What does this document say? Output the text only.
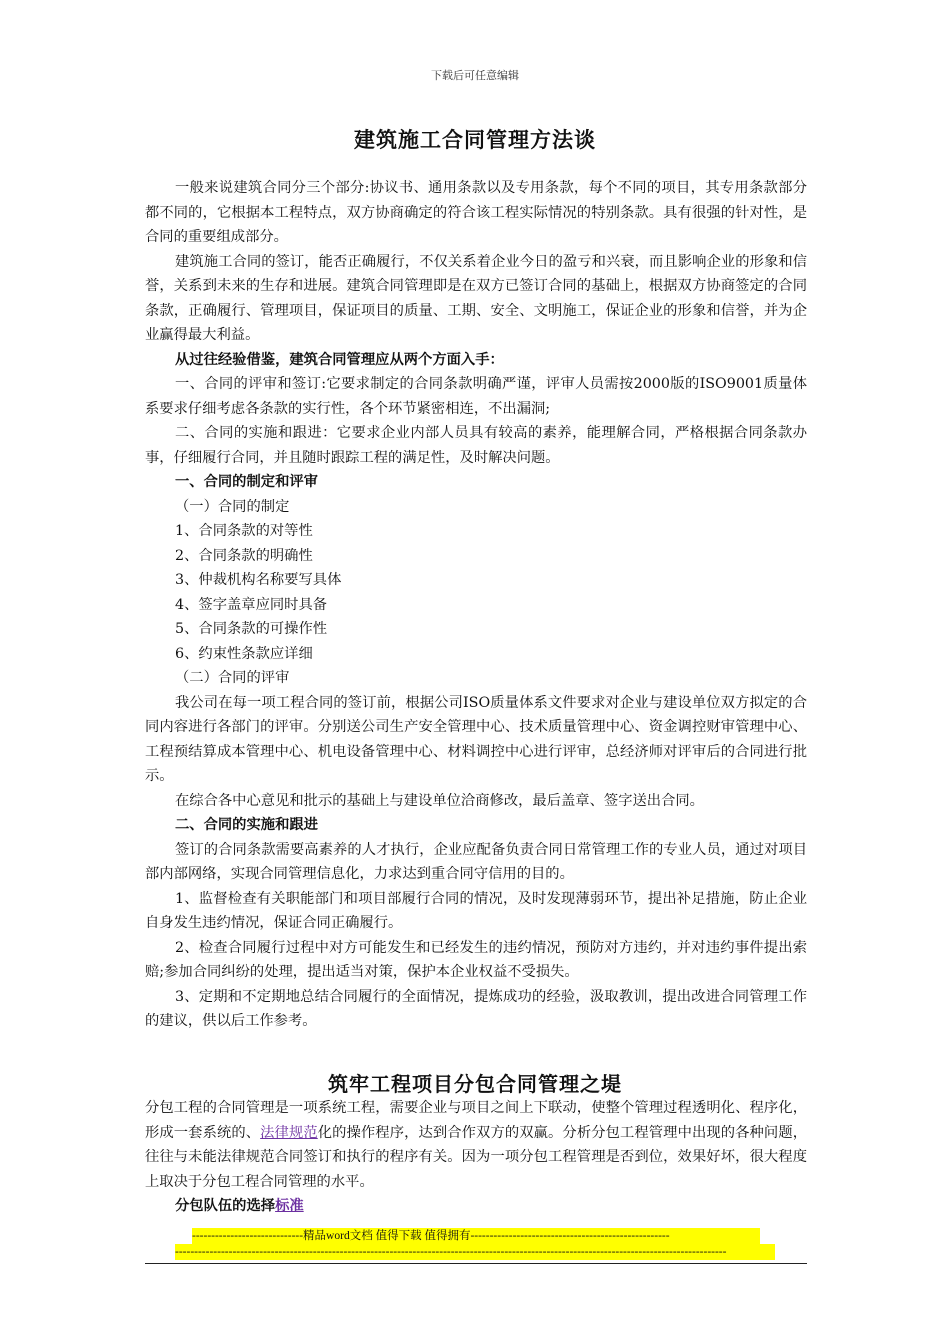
下载后可任意编辑
建筑施工合同管理方法谈

一般来说建筑合同分三个部分:协议书、通用条款以及专用条款，每个不同的项目，其专用条款部分都不同的，它根据本工程特点，双方协商确定的符合该工程实际情况的特别条款。具有很强的针对性，是合同的重要组成部分。

建筑施工合同的签订，能否正确履行，不仅关系着企业今日的盈亏和兴衰，而且影响企业的形象和信誉，关系到未来的生存和进展。建筑合同管理即是在双方已签订合同的基础上，根据双方协商签定的合同条款，正确履行、管理项目，保证项目的质量、工期、安全、文明施工，保证企业的形象和信誉，并为企业赢得最大利益。

从过往经验借鉴，建筑合同管理应从两个方面入手：

一、合同的评审和签订:它要求制定的合同条款明确严谨，评审人员需按2000版的ISO9001质量体系要求仔细考虑各条款的实行性，各个环节紧密相连，不出漏洞;

二、合同的实施和跟进：它要求企业内部人员具有较高的素养，能理解合同，严格根据合同条款办事，仔细履行合同，并且随时跟踪工程的满足性，及时解决问题。

一、合同的制定和评审

（一）合同的制定

1、合同条款的对等性

2、合同条款的明确性

3、仲裁机构名称要写具体

4、签字盖章应同时具备

5、合同条款的可操作性

6、约束性条款应详细

（二）合同的评审

我公司在每一项工程合同的签订前，根据公司ISO质量体系文件要求对企业与建设单位双方拟定的合同内容进行各部门的评审。分别送公司生产安全管理中心、技术质量管理中心、资金调控财审管理中心、工程预结算成本管理中心、机电设备管理中心、材料调控中心进行评审，总经济师对评审后的合同进行批示。

在综合各中心意见和批示的基础上与建设单位洽商修改，最后盖章、签字送出合同。

二、合同的实施和跟进

签订的合同条款需要高素养的人才执行，企业应配备负责合同日常管理工作的专业人员，通过对项目部内部网络，实现合同管理信息化，力求达到重合同守信用的目的。

1、监督检查有关职能部门和项目部履行合同的情况，及时发现薄弱环节，提出补足措施，防止企业自身发生违约情况，保证合同正确履行。

2、检查合同履行过程中对方可能发生和已经发生的违约情况，预防对方违约，并对违约事件提出索赔;参加合同纠纷的处理，提出适当对策，保护本企业权益不受损失。

3、定期和不定期地总结合同履行的全面情况，提炼成功的经验，汲取教训，提出改进合同管理工作的建议，供以后工作参考。

筑牢工程项目分包合同管理之堤

分包工程的合同管理是一项系统工程，需要企业与项目之间上下联动，使整个管理过程透明化、程序化，形成一套系统的、法律规范化的操作程序，达到合作双方的双赢。分析分包工程管理中出现的各种问题，往往与未能法律规范合同签订和执行的程序有关。因为一项分包工程管理是否到位，效果好坏，很大程度上取决于分包工程合同管理的水平。

分包队伍的选择标准

-----------------------------精品word文档 值得下载 值得拥有----------------------------------------------------
------------------------------------------------------------------------------------------------------------------------------------------------
